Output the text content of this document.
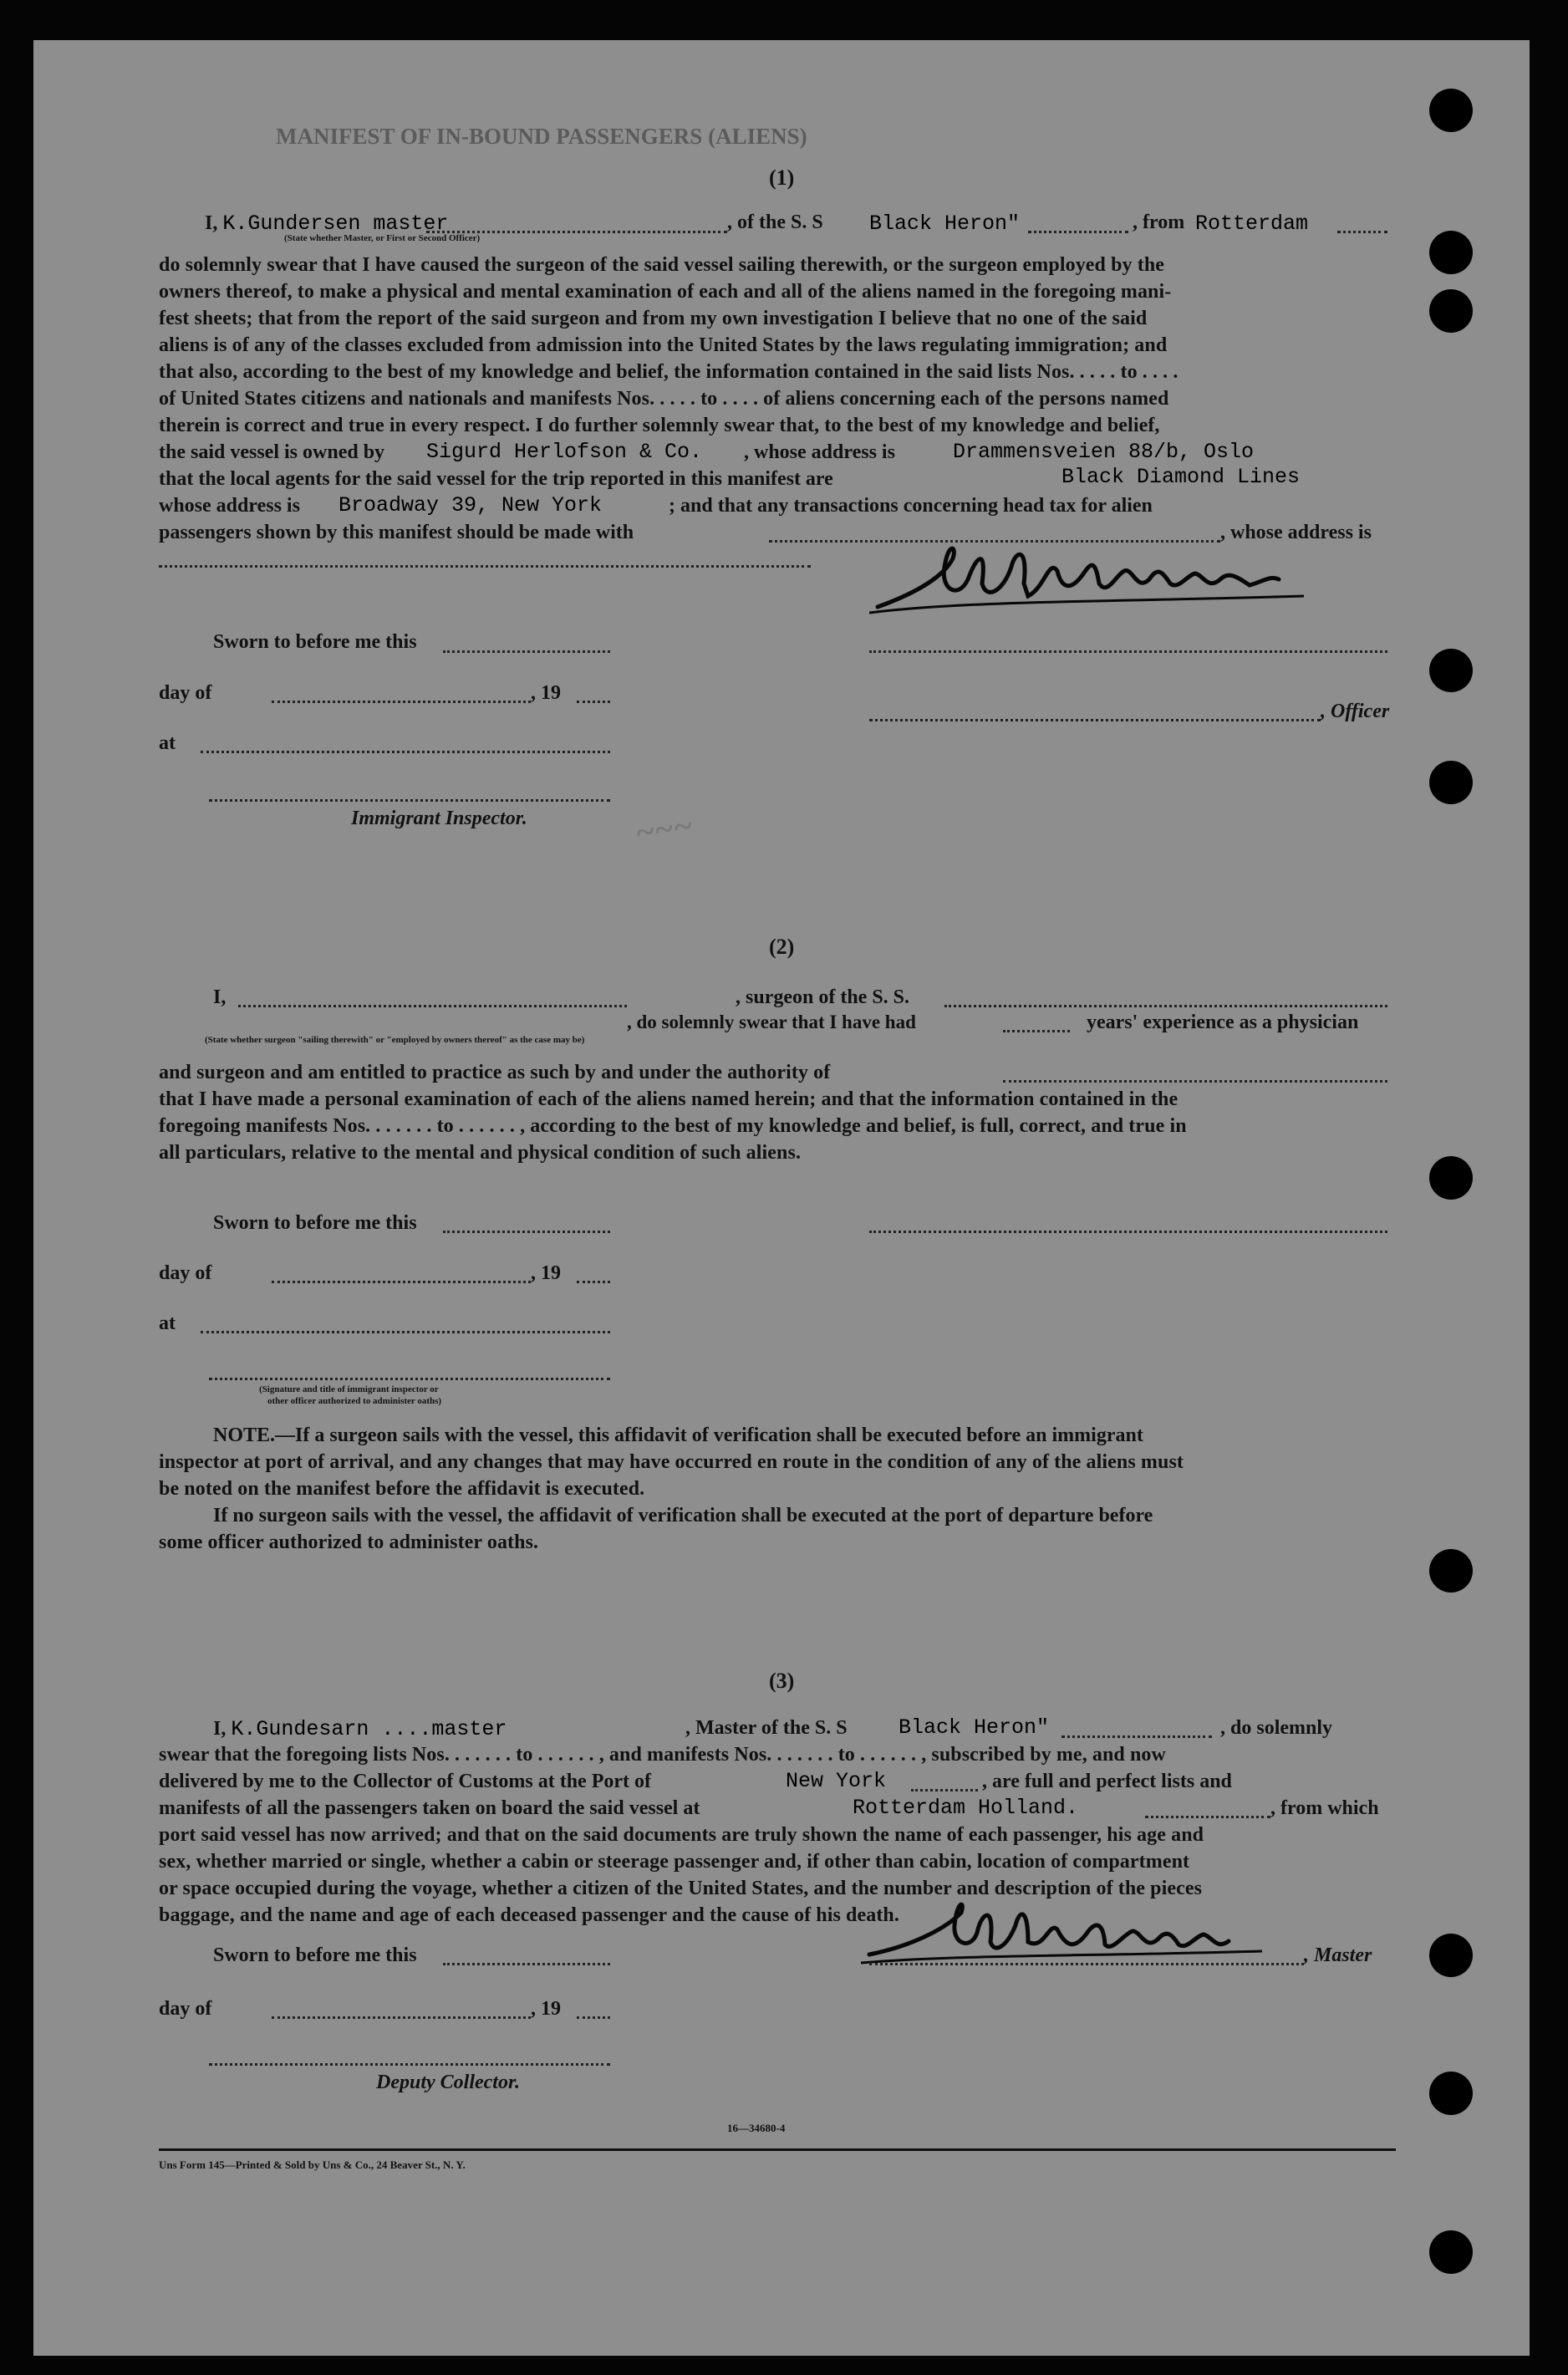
MANIFEST OF IN-BOUND PASSENGERS (ALIENS)
(1)
I, K.Gundersen master	, of the S. S Black Heron"	, from Rotterdam
(State whether Master, or First or Second Officer)
do solemnly swear that I have caused the surgeon of the said vessel sailing therewith, or the surgeon employed by the
owners thereof, to make a physical and mental examination of each and all of the aliens named in the foregoing mani-
fest sheets; that from the report of the said surgeon and from my own investigation I believe that no one of the said
aliens is of any of the classes excluded from admission into the United States by the laws regulating immigration; and
that also, according to the best of my knowledge and belief, the information contained in the said lists Nos. . . . . to . . . .
of United States citizens and nationals and manifests Nos. . . . . to . . . . of aliens concerning each of the persons named
therein is correct and true in every respect. I do further solemnly swear that, to the best of my knowledge and belief,
the said vessel is owned by Sigurd Herlofson & Co. , whose address is	Drammensveien 88/b, Oslo
that the local agents for the said vessel for the trip reported in this manifest are	Black Diamond Lines
whose address is Broadway 39, New York	; and that any transactions concerning head tax for alien
passengers shown by this manifest should be made with	, whose address is
Sworn to before me this
day of	, 19
, Officer
at
Immigrant Inspector.	~~~
(2)
I,
, do solemnly swear that I have had
, surgeon of the S. S.
years' experience as a physician
(State whether surgeon "sailing therewith" or "employed by owners thereof" as the case may be)
and surgeon and am entitled to practice as such by and under the authority of
that I have made a personal examination of each of the aliens named herein; and that the information contained in the
foregoing manifests Nos. . . . . . . to . . . . . . , according to the best of my knowledge and belief, is full, correct, and true in
all particulars, relative to the mental and physical condition of such aliens.
Sworn to before me this
day of	, 19
at
(Signature and title of immigrant inspector or
other officer authorized to administer oaths)
NOTE.—If a surgeon sails with the vessel, this affidavit of verification shall be executed before an immigrant
inspector at port of arrival, and any changes that may have occurred en route in the condition of any of the aliens must
be noted on the manifest before the affidavit is executed.
If no surgeon sails with the vessel, the affidavit of verification shall be executed at the port of departure before
some officer authorized to administer oaths.
(3)
I, K.Gundesarn ....master	, Master of the S. S Black Heron"	, do solemnly
swear that the foregoing lists Nos. . . . . . . to . . . . . . , and manifests Nos. . . . . . . to . . . . . . , subscribed by me, and now
delivered by me to the Collector of Customs at the Port of	New York	, are full and perfect lists and
manifests of all the passengers taken on board the said vessel at	Rotterdam Holland.	, from which
port said vessel has now arrived; and that on the said documents are truly shown the name of each passenger, his age and
sex, whether married or single, whether a cabin or steerage passenger and, if other than cabin, location of compartment
or space occupied during the voyage, whether a citizen of the United States, and the number and description of the pieces
baggage, and the name and age of each deceased passenger and the cause of his death.
Sworn to before me this	, Master
day of	, 19
Deputy Collector.
16—34680-4
Uns Form 145—Printed & Sold by Uns & Co., 24 Beaver St., N. Y.
